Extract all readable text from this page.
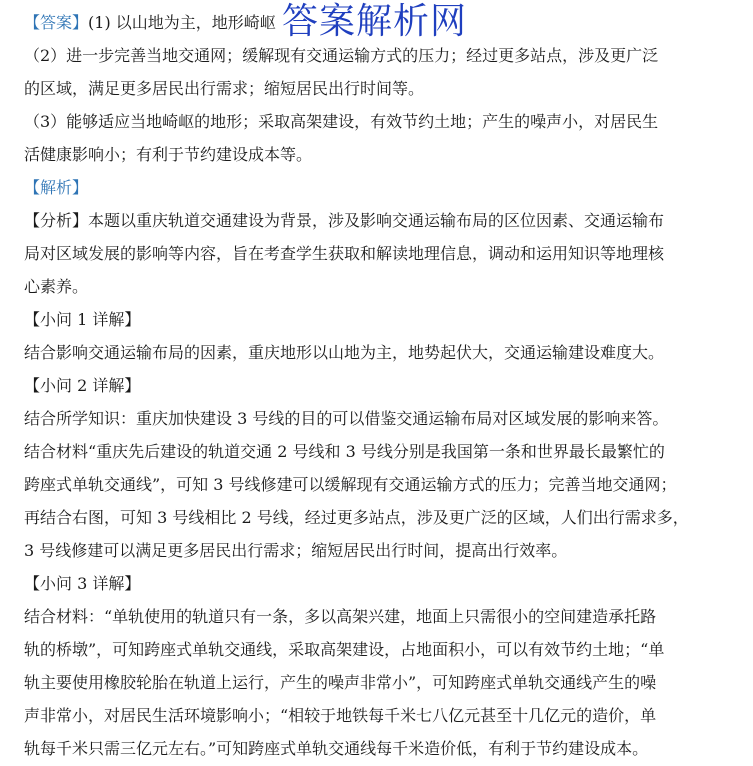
【答案】(1) 以山地为主，地形崎岖
（2）进一步完善当地交通网；缓解现有交通运输方式的压力；经过更多站点，涉及更广泛
的区域，满足更多居民出行需求；缩短居民出行时间等。
（3）能够适应当地崎岖的地形；采取高架建设，有效节约土地；产生的噪声小，对居民生
活健康影响小；有利于节约建设成本等。
【解析】
【分析】本题以重庆轨道交通建设为背景，涉及影响交通运输布局的区位因素、交通运输布
局对区域发展的影响等内容，旨在考查学生获取和解读地理信息，调动和运用知识等地理核
心素养。
【小问 1 详解】
结合影响交通运输布局的因素，重庆地形以山地为主，地势起伏大，交通运输建设难度大。
【小问 2 详解】
结合所学知识：重庆加快建设 3 号线的目的可以借鉴交通运输布局对区域发展的影响来答。
结合材料“重庆先后建设的轨道交通 2 号线和 3 号线分别是我国第一条和世界最长最繁忙的
跨座式单轨交通线”，可知 3 号线修建可以缓解现有交通运输方式的压力；完善当地交通网；
再结合右图，可知 3 号线相比 2 号线，经过更多站点，涉及更广泛的区域，人们出行需求多，
3 号线修建可以满足更多居民出行需求；缩短居民出行时间，提高出行效率。
【小问 3 详解】
结合材料：“单轨使用的轨道只有一条，多以高架兴建，地面上只需很小的空间建造承托路
轨的桥墩”，可知跨座式单轨交通线，采取高架建设，占地面积小，可以有效节约土地；“单
轨主要使用橡胶轮胎在轨道上运行，产生的噪声非常小”，可知跨座式单轨交通线产生的噪
声非常小，对居民生活环境影响小；“相较于地铁每千米七八亿元甚至十几亿元的造价，单
轨每千米只需三亿元左右。”可知跨座式单轨交通线每千米造价低，有利于节约建设成本。
答案解析网
